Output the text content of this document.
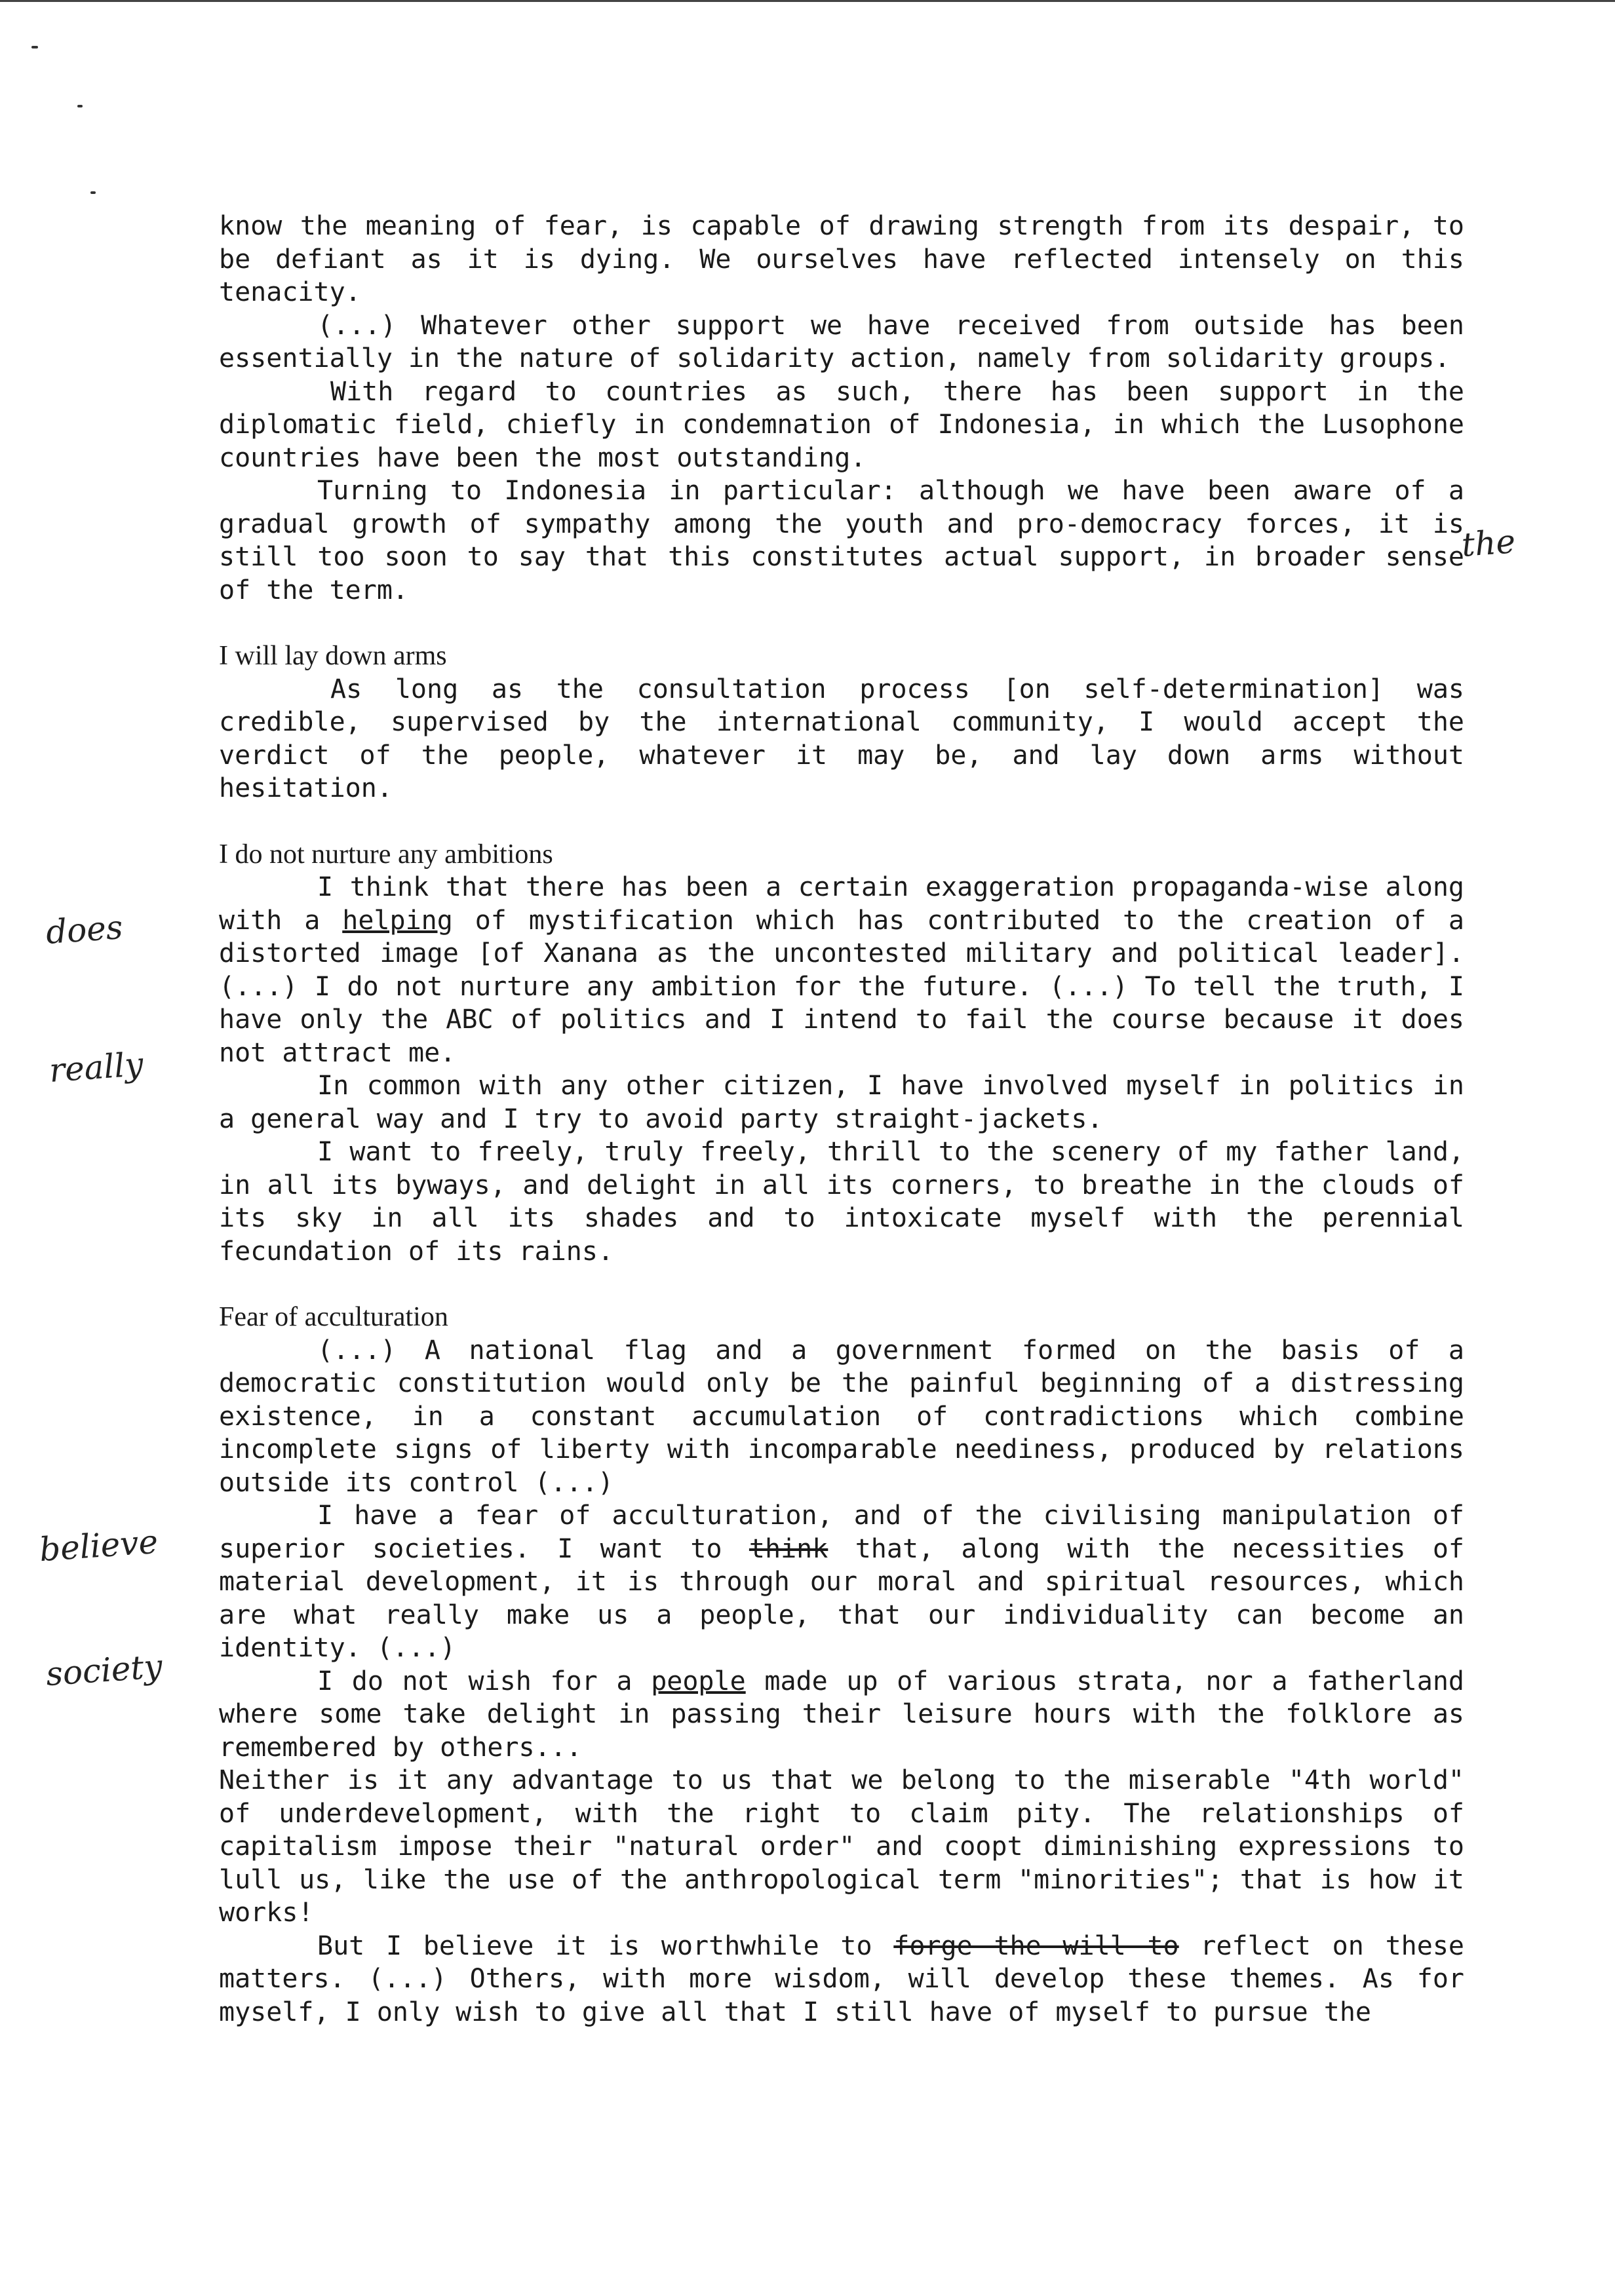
know the meaning of fear, is capable of drawing strength from its despair, to be defiant as it is dying. We ourselves have reflected intensely on this tenacity.

(...) Whatever other support we have received from outside has been essentially in the nature of solidarity action, namely from solidarity groups.

With regard to countries as such, there has been support in the diplomatic field, chiefly in condemnation of Indonesia, in which the Lusophone countries have been the most outstanding.

Turning to Indonesia in particular: although we have been aware of a gradual growth of sympathy among the youth and pro-democracy forces, it is still too soon to say that this constitutes actual support, in broader sense of the term.

I will lay down arms

As long as the consultation process [on self-determination] was credible, supervised by the international community, I would accept the verdict of the people, whatever it may be, and lay down arms without hesitation.

I do not nurture any ambitions

I think that there has been a certain exaggeration propaganda-wise along with a helping of mystification which has contributed to the creation of a distorted image [of Xanana as the uncontested military and political leader]. (...) I do not nurture any ambition for the future. (...) To tell the truth, I have only the ABC of politics and I intend to fail the course because it does not attract me.

In common with any other citizen, I have involved myself in politics in a general way and I try to avoid party straight-jackets.

I want to freely, truly freely, thrill to the scenery of my father land, in all its byways, and delight in all its corners, to breathe in the clouds of its sky in all its shades and to intoxicate myself with the perennial fecundation of its rains.

Fear of acculturation

(...) A national flag and a government formed on the basis of a democratic constitution would only be the painful beginning of a distressing existence, in a constant accumulation of contradictions which combine incomplete signs of liberty with incomparable neediness, produced by relations outside its control (...)

I have a fear of acculturation, and of the civilising manipulation of superior societies. I want to think that, along with the necessities of material development, it is through our moral and spiritual resources, which are what really make us a people, that our individuality can become an identity. (...)

I do not wish for a people made up of various strata, nor a fatherland where some take delight in passing their leisure hours with the folklore as remembered by others...

Neither is it any advantage to us that we belong to the miserable "4th world" of underdevelopment, with the right to claim pity. The relationships of capitalism impose their "natural order" and coopt diminishing expressions to lull us, like the use of the anthropological term "minorities"; that is how it works!

But I believe it is worthwhile to forge the will to reflect on these matters. (...) Others, with more wisdom, will develop these themes. As for myself, I only wish to give all that I still have of myself to pursue the

the
does
really
believe
society
